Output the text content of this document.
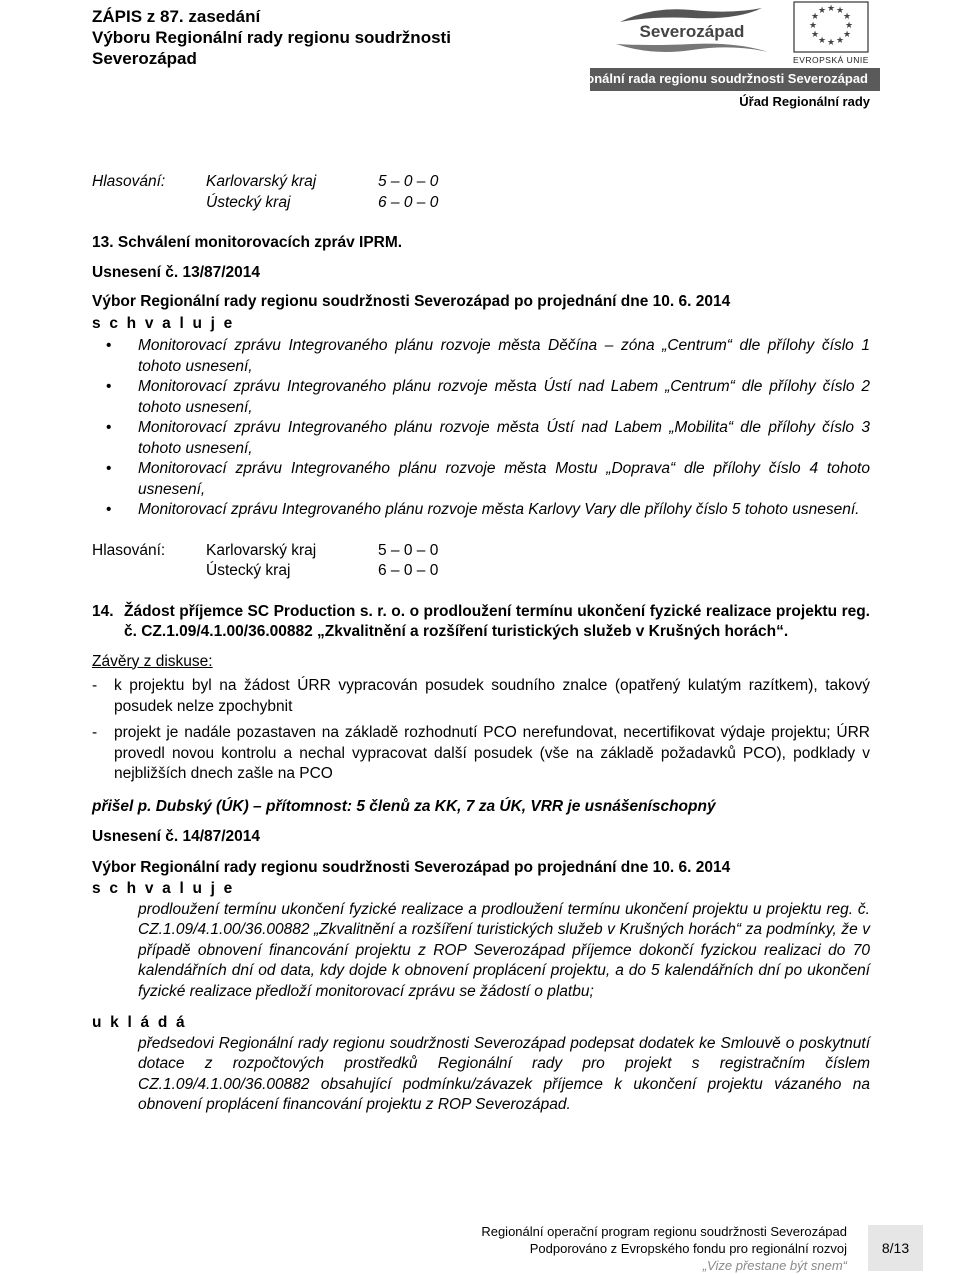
ZÁPIS z 87. zasedání
Výboru Regionální rady regionu soudržnosti
Severozápad
Severozápad
★ ★
★
★
★
★
★
★
★
★
★
★
EVROPSKÁ UNIE
Regionální rada regionu soudržnosti Severozápad
Úřad Regionální rady
Hlasování:	Karlovarský kraj	5 – 0 – 0
Ústecký kraj	6 – 0 – 0

13. Schválení monitorovacích zpráv IPRM.

Usnesení č. 13/87/2014

Výbor Regionální rady regionu soudržnosti Severozápad po projednání dne 10. 6. 2014

s c h v a l u j e

• Monitorovací zprávu Integrovaného plánu rozvoje města Děčína – zóna „Centrum“ dle přílohy číslo 1 tohoto usnesení,
• Monitorovací zprávu Integrovaného plánu rozvoje města Ústí nad Labem „Centrum“ dle přílohy číslo 2 tohoto usnesení,
• Monitorovací zprávu Integrovaného plánu rozvoje města Ústí nad Labem „Mobilita“ dle přílohy číslo 3 tohoto usnesení,
• Monitorovací zprávu Integrovaného plánu rozvoje města Mostu „Doprava“ dle přílohy číslo 4 tohoto usnesení,
• Monitorovací zprávu Integrovaného plánu rozvoje města Karlovy Vary dle přílohy číslo 5 tohoto usnesení.
Hlasování:	Karlovarský kraj	5 – 0 – 0
Ústecký kraj	6 – 0 – 0
14. Žádost příjemce SC Production s. r. o. o prodloužení termínu ukončení fyzické realizace projektu reg. č. CZ.1.09/4.1.00/36.00882 „Zkvalitnění a rozšíření turistických služeb v Krušných horách“.

Závěry z diskuse:

- k projektu byl na žádost ÚRR vypracován posudek soudního znalce (opatřený kulatým razítkem), takový posudek nelze zpochybnit
- projekt je nadále pozastaven na základě rozhodnutí PCO nerefundovat, necertifikovat výdaje projektu; ÚRR provedl novou kontrolu a nechal vypracovat další posudek (vše na základě požadavků PCO), podklady v nejbližších dnech zašle na PCO

přišel p. Dubský (ÚK) – přítomnost: 5 členů za KK, 7 za ÚK, VRR je usnášeníschopný

Usnesení č. 14/87/2014

Výbor Regionální rady regionu soudržnosti Severozápad po projednání dne 10. 6. 2014

s c h v a l u j e

prodloužení termínu ukončení fyzické realizace a prodloužení termínu ukončení projektu u projektu reg. č. CZ.1.09/4.1.00/36.00882 „Zkvalitnění a rozšíření turistických služeb v Krušných horách“ za podmínky, že v případě obnovení financování projektu z ROP Severozápad příjemce dokončí fyzickou realizaci do 70 kalendářních dní od data, kdy dojde k obnovení proplácení projektu, a do 5 kalendářních dní po ukončení fyzické realizace předloží monitorovací zprávu se žádostí o platbu;

u k l á d á

předsedovi Regionální rady regionu soudržnosti Severozápad podepsat dodatek ke Smlouvě o poskytnutí dotace z rozpočtových prostředků Regionální rady pro projekt s registračním číslem CZ.1.09/4.1.00/36.00882 obsahující podmínku/závazek příjemce k ukončení projektu vázaného na obnovení proplácení financování projektu z ROP Severozápad.

Regionální operační program regionu soudržnosti Severozápad
Podporováno z Evropského fondu pro regionální rozvoj
„Vize přestane být snem“
8/13
